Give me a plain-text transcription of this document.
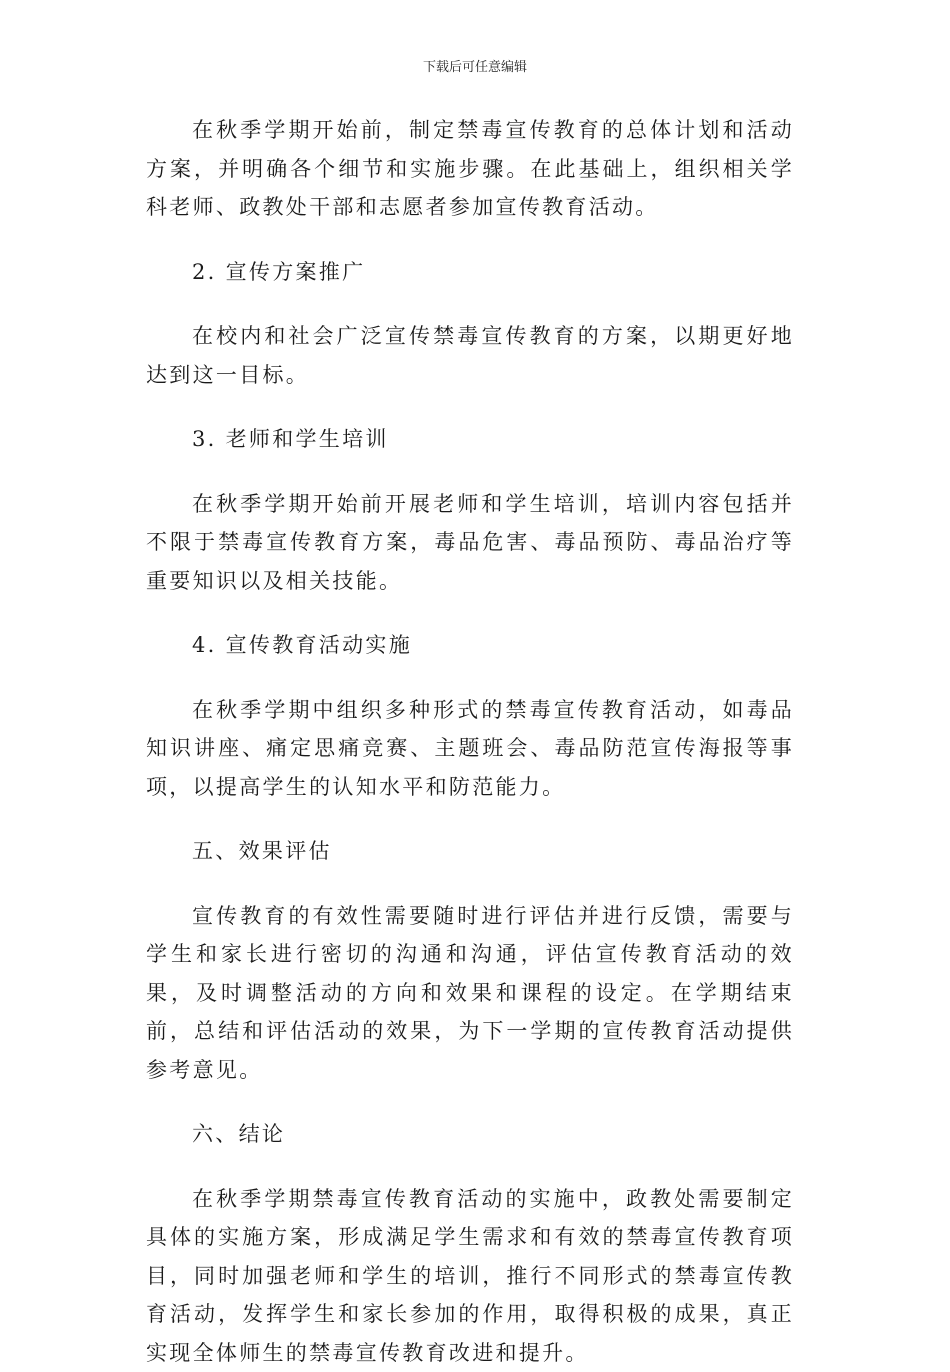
下载后可任意编辑

在秋季学期开始前，制定禁毒宣传教育的总体计划和活动方案，并明确各个细节和实施步骤。在此基础上，组织相关学科老师、政教处干部和志愿者参加宣传教育活动。

2. 宣传方案推广

在校内和社会广泛宣传禁毒宣传教育的方案，以期更好地达到这一目标。

3. 老师和学生培训

在秋季学期开始前开展老师和学生培训，培训内容包括并不限于禁毒宣传教育方案，毒品危害、毒品预防、毒品治疗等重要知识以及相关技能。

4. 宣传教育活动实施

在秋季学期中组织多种形式的禁毒宣传教育活动，如毒品知识讲座、痛定思痛竞赛、主题班会、毒品防范宣传海报等事项，以提高学生的认知水平和防范能力。

五、效果评估

宣传教育的有效性需要随时进行评估并进行反馈，需要与学生和家长进行密切的沟通和沟通，评估宣传教育活动的效果，及时调整活动的方向和效果和课程的设定。在学期结束前，总结和评估活动的效果，为下一学期的宣传教育活动提供参考意见。

六、结论

在秋季学期禁毒宣传教育活动的实施中，政教处需要制定具体的实施方案，形成满足学生需求和有效的禁毒宣传教育项目，同时加强老师和学生的培训，推行不同形式的禁毒宣传教育活动，发挥学生和家长参加的作用，取得积极的成果，真正实现全体师生的禁毒宣传教育改进和提升。
